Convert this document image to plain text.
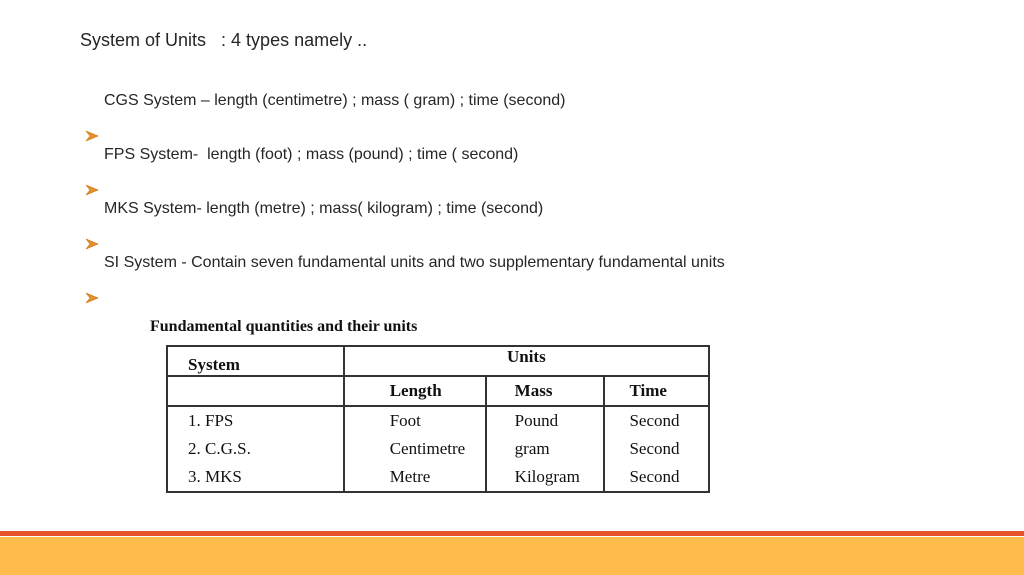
System of Units   : 4 types namely ..

CGS System – length (centimetre) ; mass ( gram) ; time (second)

FPS System-  length (foot) ; mass (pound) ; time ( second)

MKS System- length (metre) ; mass( kilogram) ; time (second)

SI System - Contain seven fundamental units and two supplementary fundamental units
Fundamental quantities and their units
System	Units		
	Length	Mass	Time
1. FPS	Foot	Pound	Second
2. C.G.S.	Centimetre	gram	Second
3. MKS	Metre	Kilogram	Second
